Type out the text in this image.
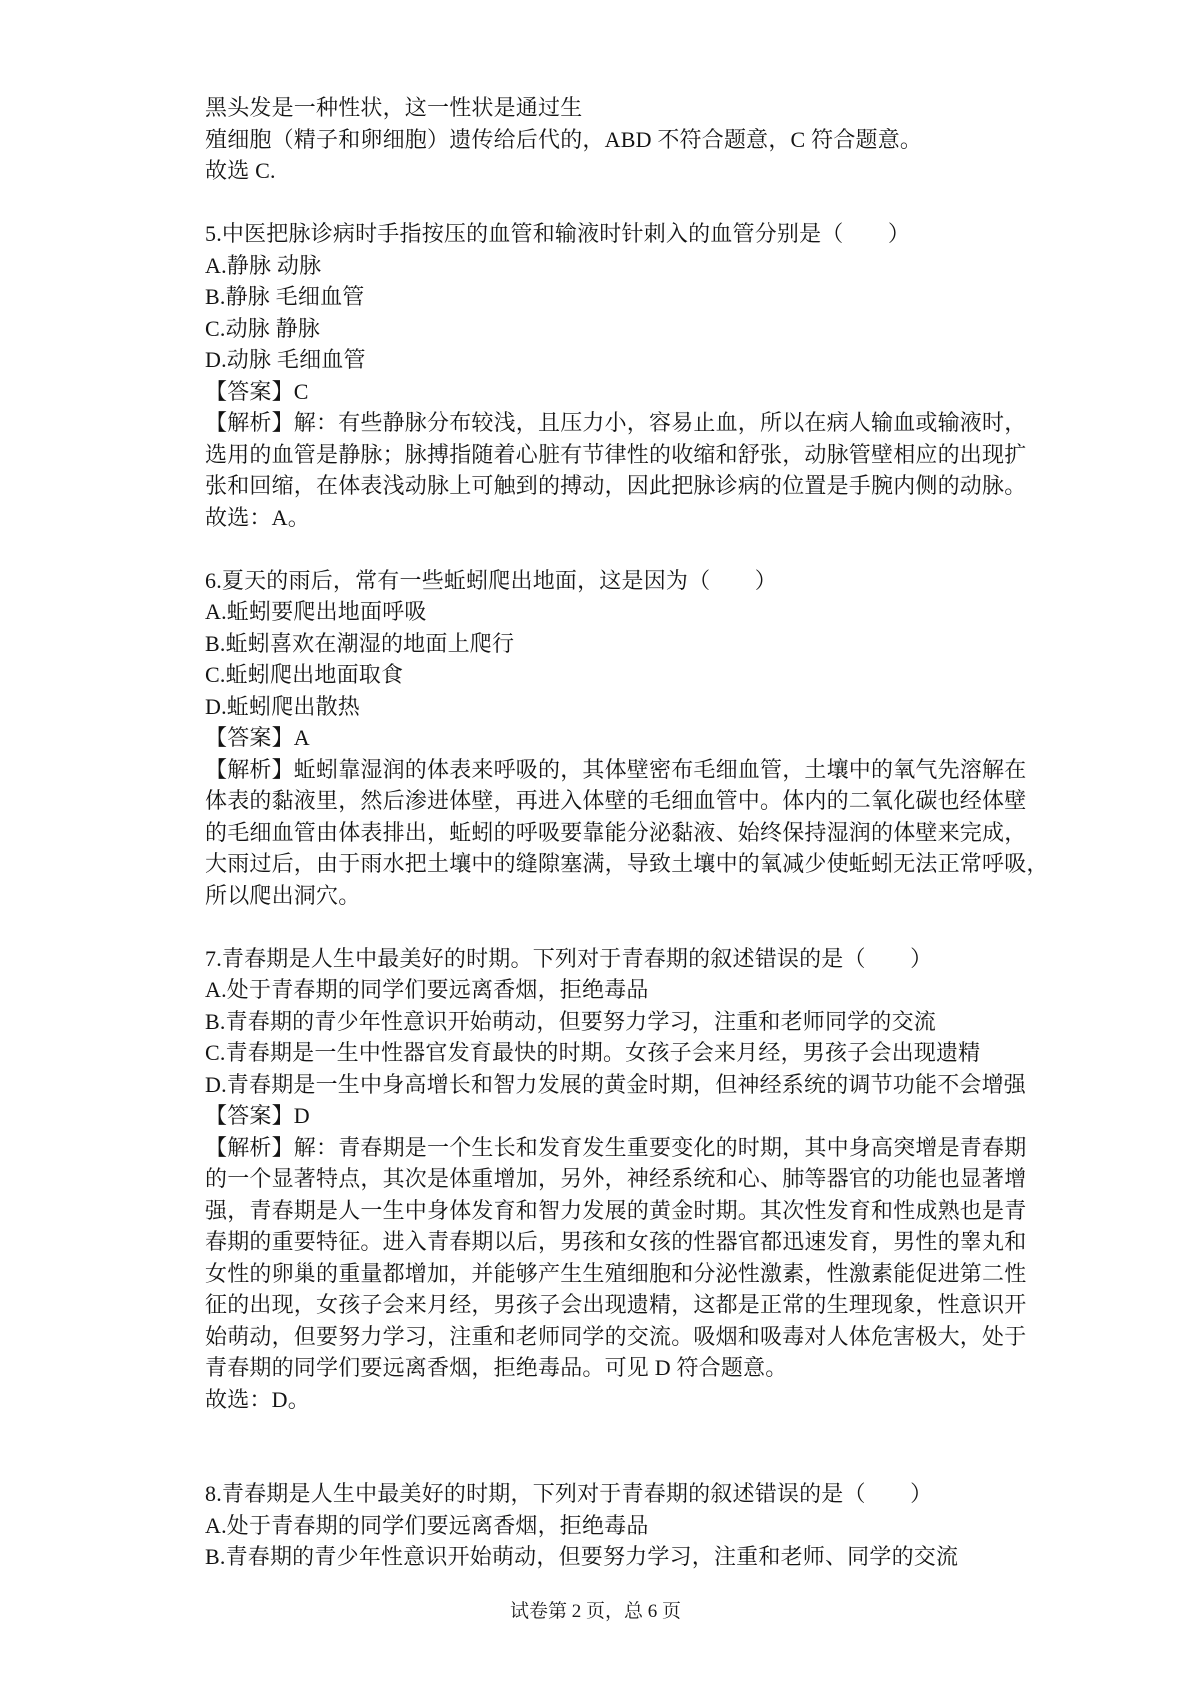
黑头发是一种性状，这一性状是通过生
殖细胞（精子和卵细胞）遗传给后代的，ABD 不符合题意，C 符合题意。
故选 C.
5.中医把脉诊病时手指按压的血管和输液时针刺入的血管分别是（　　）
A.静脉 动脉
B.静脉 毛细血管
C.动脉 静脉
D.动脉 毛细血管
【答案】C
【解析】解：有些静脉分布较浅，且压力小，容易止血，所以在病人输血或输液时，
选用的血管是静脉；脉搏指随着心脏有节律性的收缩和舒张，动脉管壁相应的出现扩
张和回缩，在体表浅动脉上可触到的搏动，因此把脉诊病的位置是手腕内侧的动脉。
故选：A。
6.夏天的雨后，常有一些蚯蚓爬出地面，这是因为（　　）
A.蚯蚓要爬出地面呼吸
B.蚯蚓喜欢在潮湿的地面上爬行
C.蚯蚓爬出地面取食
D.蚯蚓爬出散热
【答案】A
【解析】蚯蚓靠湿润的体表来呼吸的，其体壁密布毛细血管，土壤中的氧气先溶解在
体表的黏液里，然后渗进体壁，再进入体壁的毛细血管中。体内的二氧化碳也经体壁
的毛细血管由体表排出，蚯蚓的呼吸要靠能分泌黏液、始终保持湿润的体壁来完成，
大雨过后，由于雨水把土壤中的缝隙塞满，导致土壤中的氧减少使蚯蚓无法正常呼吸，
所以爬出洞穴。
7.青春期是人生中最美好的时期。下列对于青春期的叙述错误的是（　　）
A.处于青春期的同学们要远离香烟，拒绝毒品
B.青春期的青少年性意识开始萌动，但要努力学习，注重和老师同学的交流
C.青春期是一生中性器官发育最快的时期。女孩子会来月经，男孩子会出现遗精
D.青春期是一生中身高增长和智力发展的黄金时期，但神经系统的调节功能不会增强
【答案】D
【解析】解：青春期是一个生长和发育发生重要变化的时期，其中身高突增是青春期
的一个显著特点，其次是体重增加，另外，神经系统和心、肺等器官的功能也显著增
强，青春期是人一生中身体发育和智力发展的黄金时期。其次性发育和性成熟也是青
春期的重要特征。进入青春期以后，男孩和女孩的性器官都迅速发育，男性的睾丸和
女性的卵巢的重量都增加，并能够产生生殖细胞和分泌性激素，性激素能促进第二性
征的出现，女孩子会来月经，男孩子会出现遗精，这都是正常的生理现象，性意识开
始萌动，但要努力学习，注重和老师同学的交流。吸烟和吸毒对人体危害极大，处于
青春期的同学们要远离香烟，拒绝毒品。可见 D 符合题意。
故选：D。
8.青春期是人生中最美好的时期，下列对于青春期的叙述错误的是（　　）
A.处于青春期的同学们要远离香烟，拒绝毒品
B.青春期的青少年性意识开始萌动，但要努力学习，注重和老师、同学的交流
试卷第 2 页，总 6 页
